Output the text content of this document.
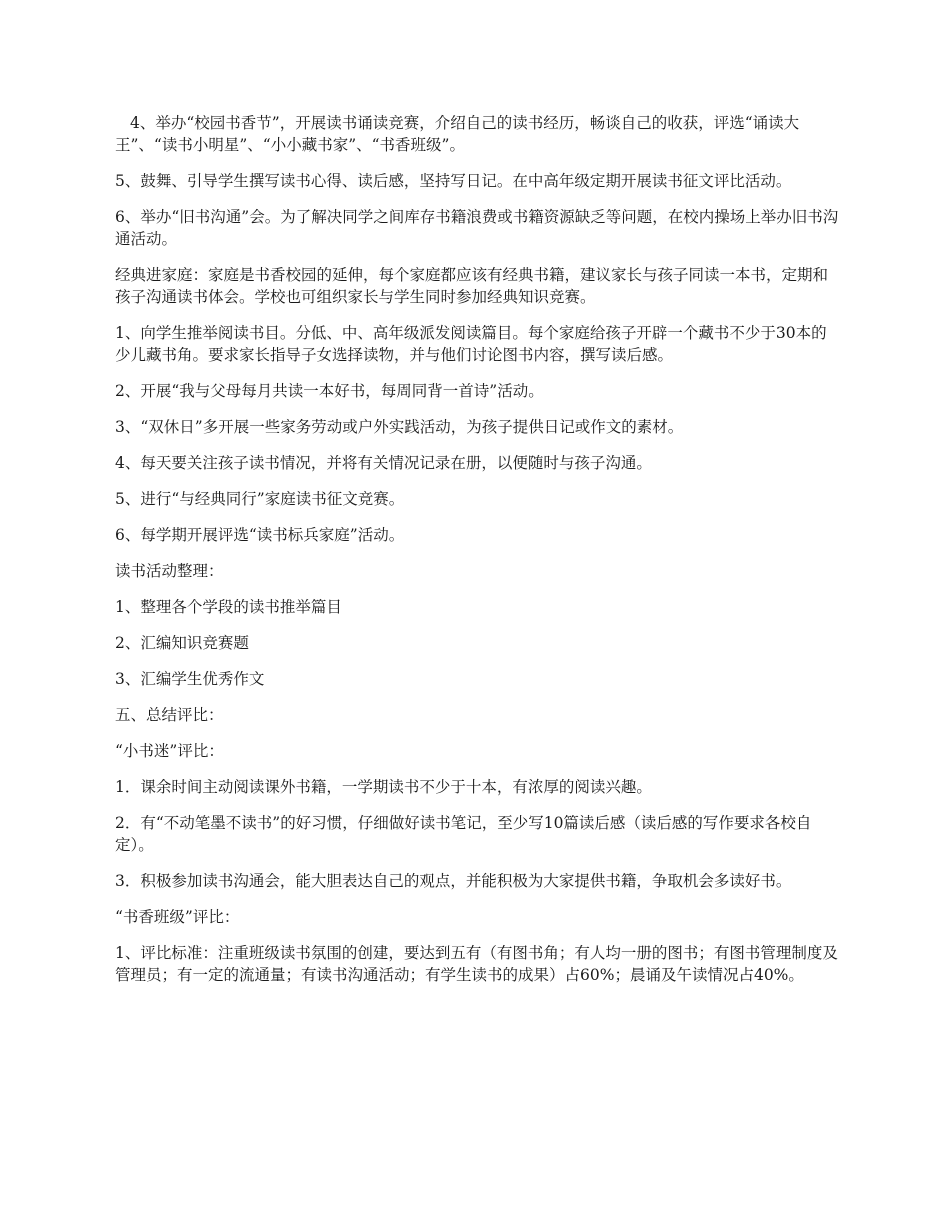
4、举办“校园书香节”，开展读书诵读竞赛，介绍自己的读书经历，畅谈自己的收获，评选“诵读大王”、“读书小明星”、“小小藏书家”、“书香班级”。

5、鼓舞、引导学生撰写读书心得、读后感，坚持写日记。在中高年级定期开展读书征文评比活动。

6、举办“旧书沟通”会。为了解决同学之间库存书籍浪费或书籍资源缺乏等问题，在校内操场上举办旧书沟通活动。

经典进家庭：家庭是书香校园的延伸，每个家庭都应该有经典书籍，建议家长与孩子同读一本书，定期和孩子沟通读书体会。学校也可组织家长与学生同时参加经典知识竞赛。

1、向学生推举阅读书目。分低、中、高年级派发阅读篇目。每个家庭给孩子开辟一个藏书不少于30本的少儿藏书角。要求家长指导子女选择读物，并与他们讨论图书内容，撰写读后感。

2、开展“我与父母每月共读一本好书，每周同背一首诗”活动。

3、“双休日”多开展一些家务劳动或户外实践活动，为孩子提供日记或作文的素材。

4、每天要关注孩子读书情况，并将有关情况记录在册，以便随时与孩子沟通。

5、进行“与经典同行”家庭读书征文竞赛。

6、每学期开展评选“读书标兵家庭”活动。

读书活动整理：

1、整理各个学段的读书推举篇目

2、汇编知识竞赛题

3、汇编学生优秀作文

五、总结评比：

“小书迷”评比：

1．课余时间主动阅读课外书籍，一学期读书不少于十本，有浓厚的阅读兴趣。

2．有“不动笔墨不读书”的好习惯，仔细做好读书笔记，至少写10篇读后感（读后感的写作要求各校自定）。

3．积极参加读书沟通会，能大胆表达自己的观点，并能积极为大家提供书籍，争取机会多读好书。

“书香班级”评比：

1、评比标准：注重班级读书氛围的创建，要达到五有（有图书角；有人均一册的图书；有图书管理制度及管理员；有一定的流通量；有读书沟通活动；有学生读书的成果）占60%；晨诵及午读情况占40%。
